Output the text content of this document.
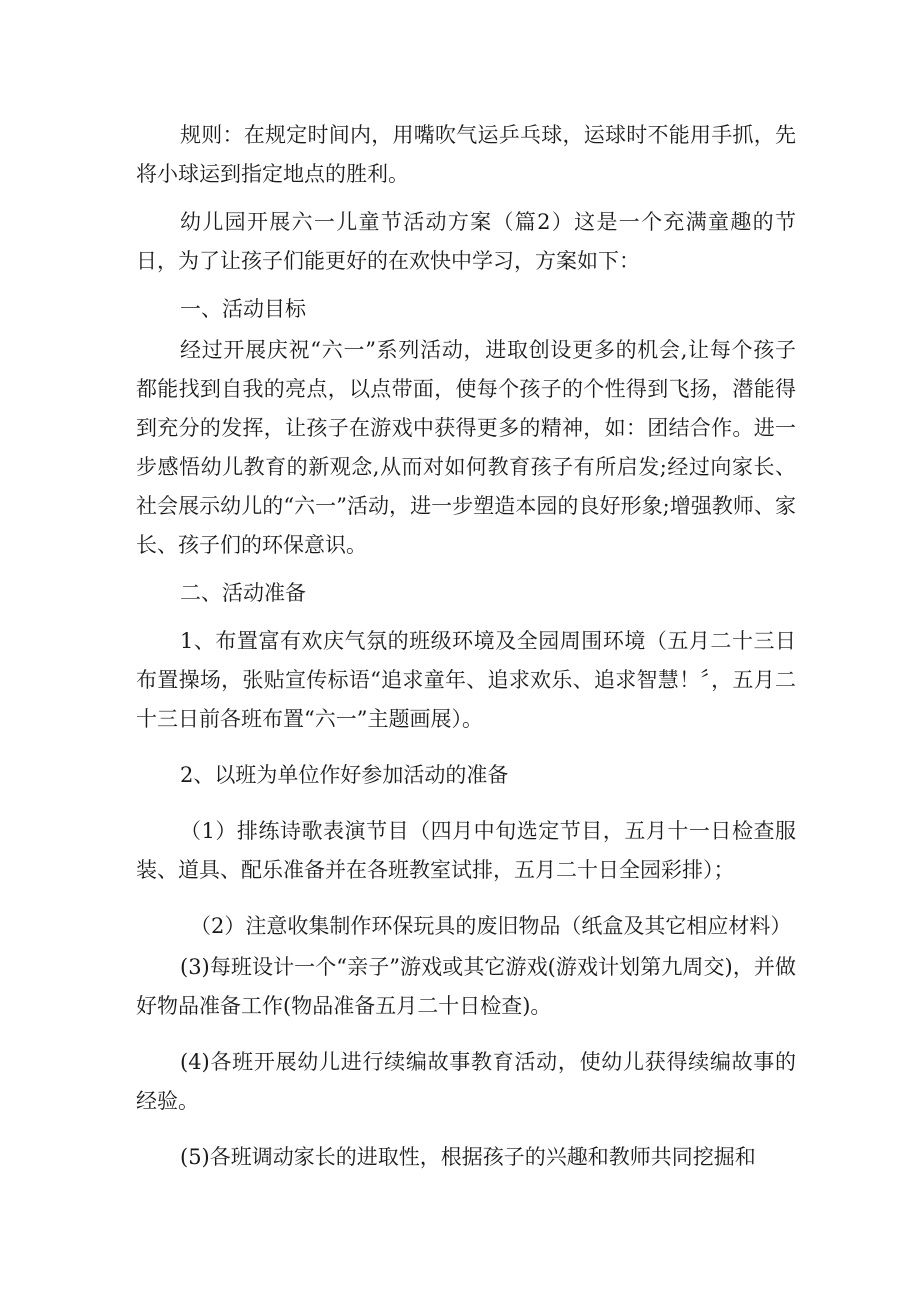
规则：在规定时间内，用嘴吹气运乒乓球，运球时不能用手抓，先将小球运到指定地点的胜利。

幼儿园开展六一儿童节活动方案（篇2）这是一个充满童趣的节日，为了让孩子们能更好的在欢快中学习，方案如下：

一、活动目标

经过开展庆祝“六一”系列活动，进取创设更多的机会,让每个孩子都能找到自我的亮点，以点带面，使每个孩子的个性得到飞扬，潜能得到充分的发挥，让孩子在游戏中获得更多的精神，如：团结合作。进一步感悟幼儿教育的新观念,从而对如何教育孩子有所启发;经过向家长、社会展示幼儿的“六一”活动，进一步塑造本园的良好形象;增强教师、家长、孩子们的环保意识。

二、活动准备

1、布置富有欢庆气氛的班级环境及全园周围环境（五月二十三日布置操场，张贴宣传标语“追求童年、追求欢乐、追求智慧！〞，五月二十三日前各班布置“六一”主题画展）。

2、以班为单位作好参加活动的准备

（1）排练诗歌表演节目（四月中旬选定节目，五月十一日检查服装、道具、配乐准备并在各班教室试排，五月二十日全园彩排）；

（2）注意收集制作环保玩具的废旧物品（纸盒及其它相应材料）

(3)每班设计一个“亲子”游戏或其它游戏(游戏计划第九周交)，并做好物品准备工作(物品准备五月二十日检查)。

(4)各班开展幼儿进行续编故事教育活动，使幼儿获得续编故事的经验。

(5)各班调动家长的进取性，根据孩子的兴趣和教师共同挖掘和
